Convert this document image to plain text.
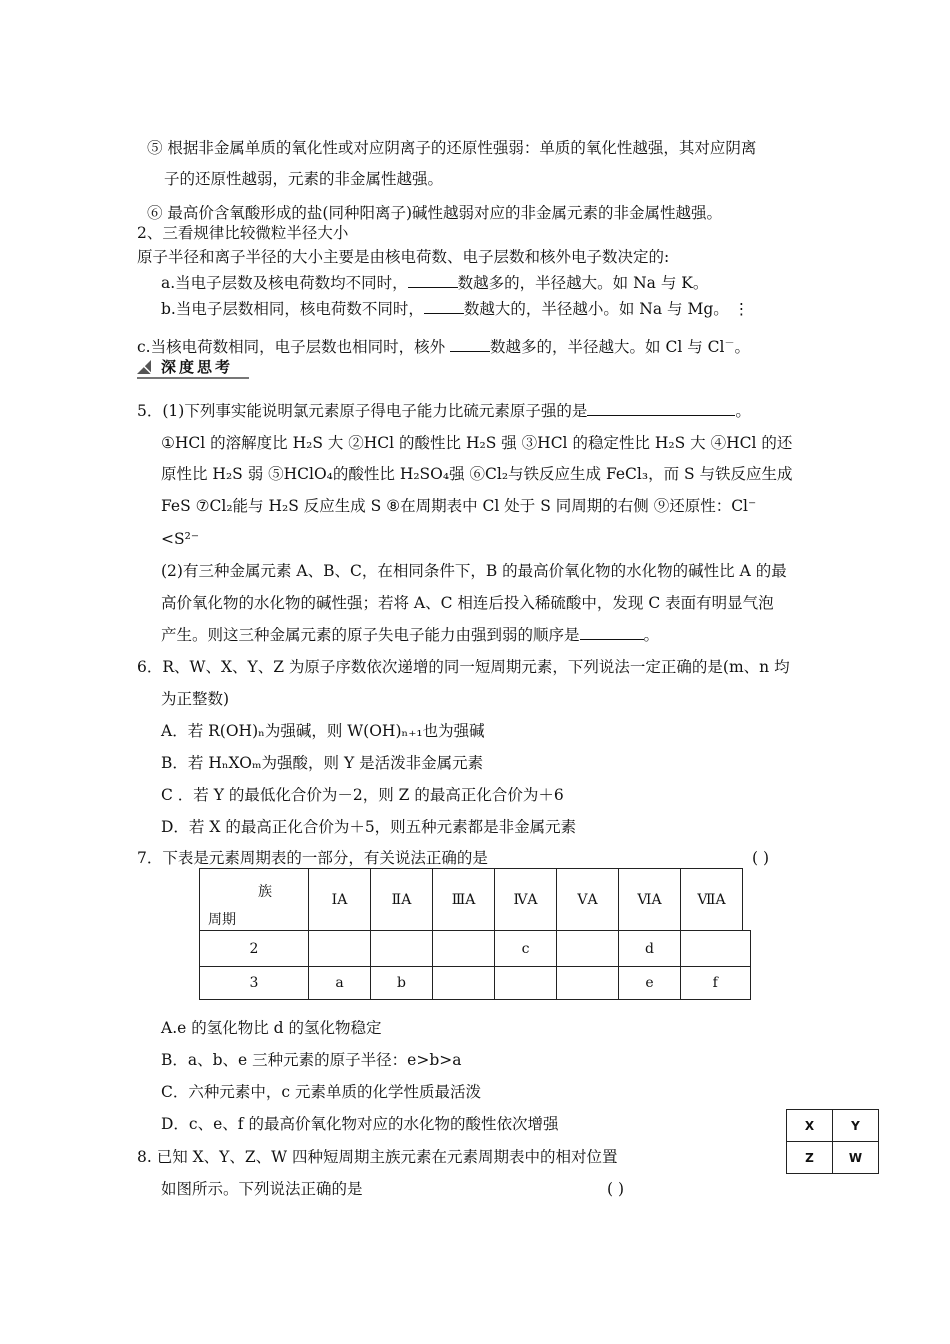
⑤ 根据非金属单质的氧化性或对应阴离子的还原性强弱：单质的氧化性越强，其对应阴离
子的还原性越弱，元素的非金属性越强。
⑥ 最高价含氧酸形成的盐(同种阳离子)碱性越弱对应的非金属元素的非金属性越强。
2、三看规律比较微粒半径大小
原子半径和离子半径的大小主要是由核电荷数、电子层数和核外电子数决定的:
a.当电子层数及核电荷数均不同时，	数越多的，半径越大。如 Na 与 K。
b.当电子层数相同，核电荷数不同时，	数越大的，半径越小。如 Na 与 Mg。 ⋮
c.当核电荷数相同，电子层数也相同时，核外	数越多的，半径越大。如 Cl 与 Cl－。
深度思考
5．(1)下列事实能说明氯元素原子得电子能力比硫元素原子强的是	。
①HCl 的溶解度比 H₂S 大 ②HCl 的酸性比 H₂S 强 ③HCl 的稳定性比 H₂S 大 ④HCl 的还
原性比 H₂S 弱 ⑤HClO₄的酸性比 H₂SO₄强 ⑥Cl₂与铁反应生成 FeCl₃，而 S 与铁反应生成
FeS ⑦Cl₂能与 H₂S 反应生成 S ⑧在周期表中 Cl 处于 S 同周期的右侧 ⑨还原性：Cl⁻
<S²⁻
(2)有三种金属元素 A、B、C，在相同条件下，B 的最高价氧化物的水化物的碱性比 A 的最
高价氧化物的水化物的碱性强；若将 A、C 相连后投入稀硫酸中，发现 C 表面有明显气泡
产生。则这三种金属元素的原子失电子能力由强到弱的顺序是	。
6．R、W、X、Y、Z 为原子序数依次递增的同一短周期元素，下列说法一定正确的是(m、n 均
为正整数)
A．若 R(OH)ₙ为强碱，则 W(OH)ₙ₊₁也为强碱
B．若 HₙXOₘ为强酸，则 Y 是活泼非金属元素
C ．若 Y 的最低化合价为－2，则 Z 的最高正化合价为＋6
D．若 X 的最高正化合价为＋5，则五种元素都是非金属元素
7．下表是元素周期表的一部分，有关说法正确的是	( )
族
周期	ⅠA	ⅡA	ⅢA	ⅣA	ⅤA	ⅥA	ⅦA	
2				c		d		
3	a	b				e	f	
A.e 的氢化物比 d 的氢化物稳定
B．a、b、e 三种元素的原子半径：e>b>a
C．六种元素中，c 元素单质的化学性质最活泼
D．c、e、f 的最高价氧化物对应的水化物的酸性依次增强
8. 已知 X、Y、Z、W 四种短周期主族元素在元素周期表中的相对位置
如图所示。下列说法正确的是	( )
X	Y
Z	W
